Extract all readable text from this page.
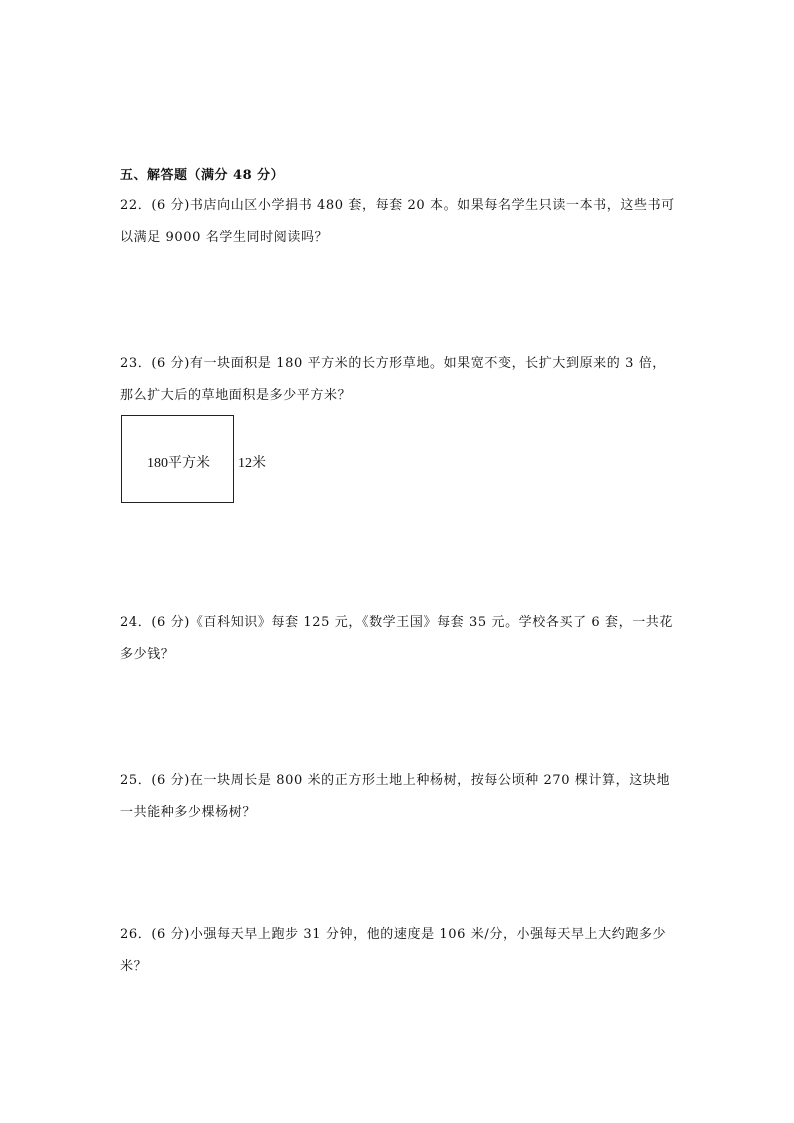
五、解答题（满分 48 分）
22．(6 分)书店向山区小学捐书 480 套，每套 20 本。如果每名学生只读一本书，这些书可
以满足 9000 名学生同时阅读吗？
23．(6 分)有一块面积是 180 平方米的长方形草地。如果宽不变，长扩大到原来的 3 倍，
那么扩大后的草地面积是多少平方米？
180平方米	12米
24．(6 分)《百科知识》每套 125 元，《数学王国》每套 35 元。学校各买了 6 套，一共花
多少钱？
25．(6 分)在一块周长是 800 米的正方形土地上种杨树，按每公顷种 270 棵计算，这块地
一共能种多少棵杨树？
26．(6 分)小强每天早上跑步 31 分钟，他的速度是 106 米/分，小强每天早上大约跑多少
米？
